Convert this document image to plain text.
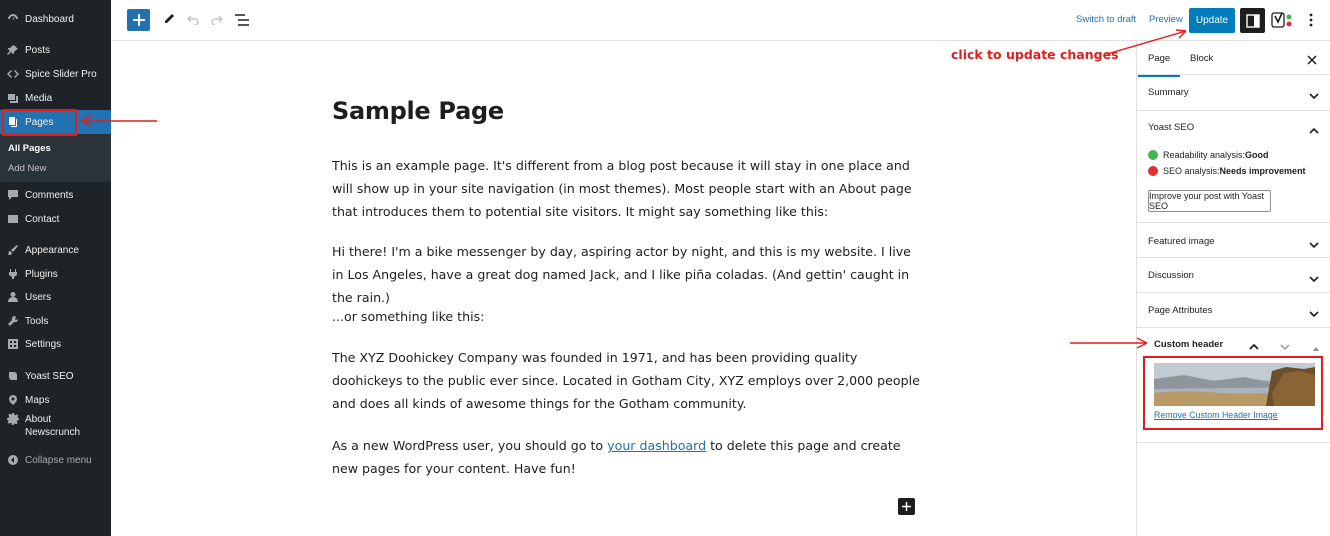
Dashboard
Posts
Spice Slider Pro
Media
Pages
All Pages
Add New
Comments
Contact
Appearance
Plugins
Users
Tools
Settings
Yoast SEO
Maps
About
Newscrunch
Collapse menu
Switch to draft Preview	Update
Sample Page

This is an example page. It's different from a blog post because it will stay in one place and will show up in your site navigation (in most themes). Most people start with an About page that introduces them to potential site visitors. It might say something like this:

Hi there! I'm a bike messenger by day, aspiring actor by night, and this is my website. I live in Los Angeles, have a great dog named Jack, and I like piña coladas. (And gettin' caught in the rain.)

...or something like this:

The XYZ Doohickey Company was founded in 1971, and has been providing quality doohickeys to the public ever since. Located in Gotham City, XYZ employs over 2,000 people and does all kinds of awesome things for the Gotham community.

As a new WordPress user, you should go to your dashboard to delete this page and create new pages for your content. Have fun!

Page Block
Summary
Yoast SEO
Readability analysis: Good
SEO analysis: Needs improvement
Improve your post with Yoast SEO
Featured image
Discussion
Page Attributes
Custom header
Remove Custom Header Image
click to update changes
